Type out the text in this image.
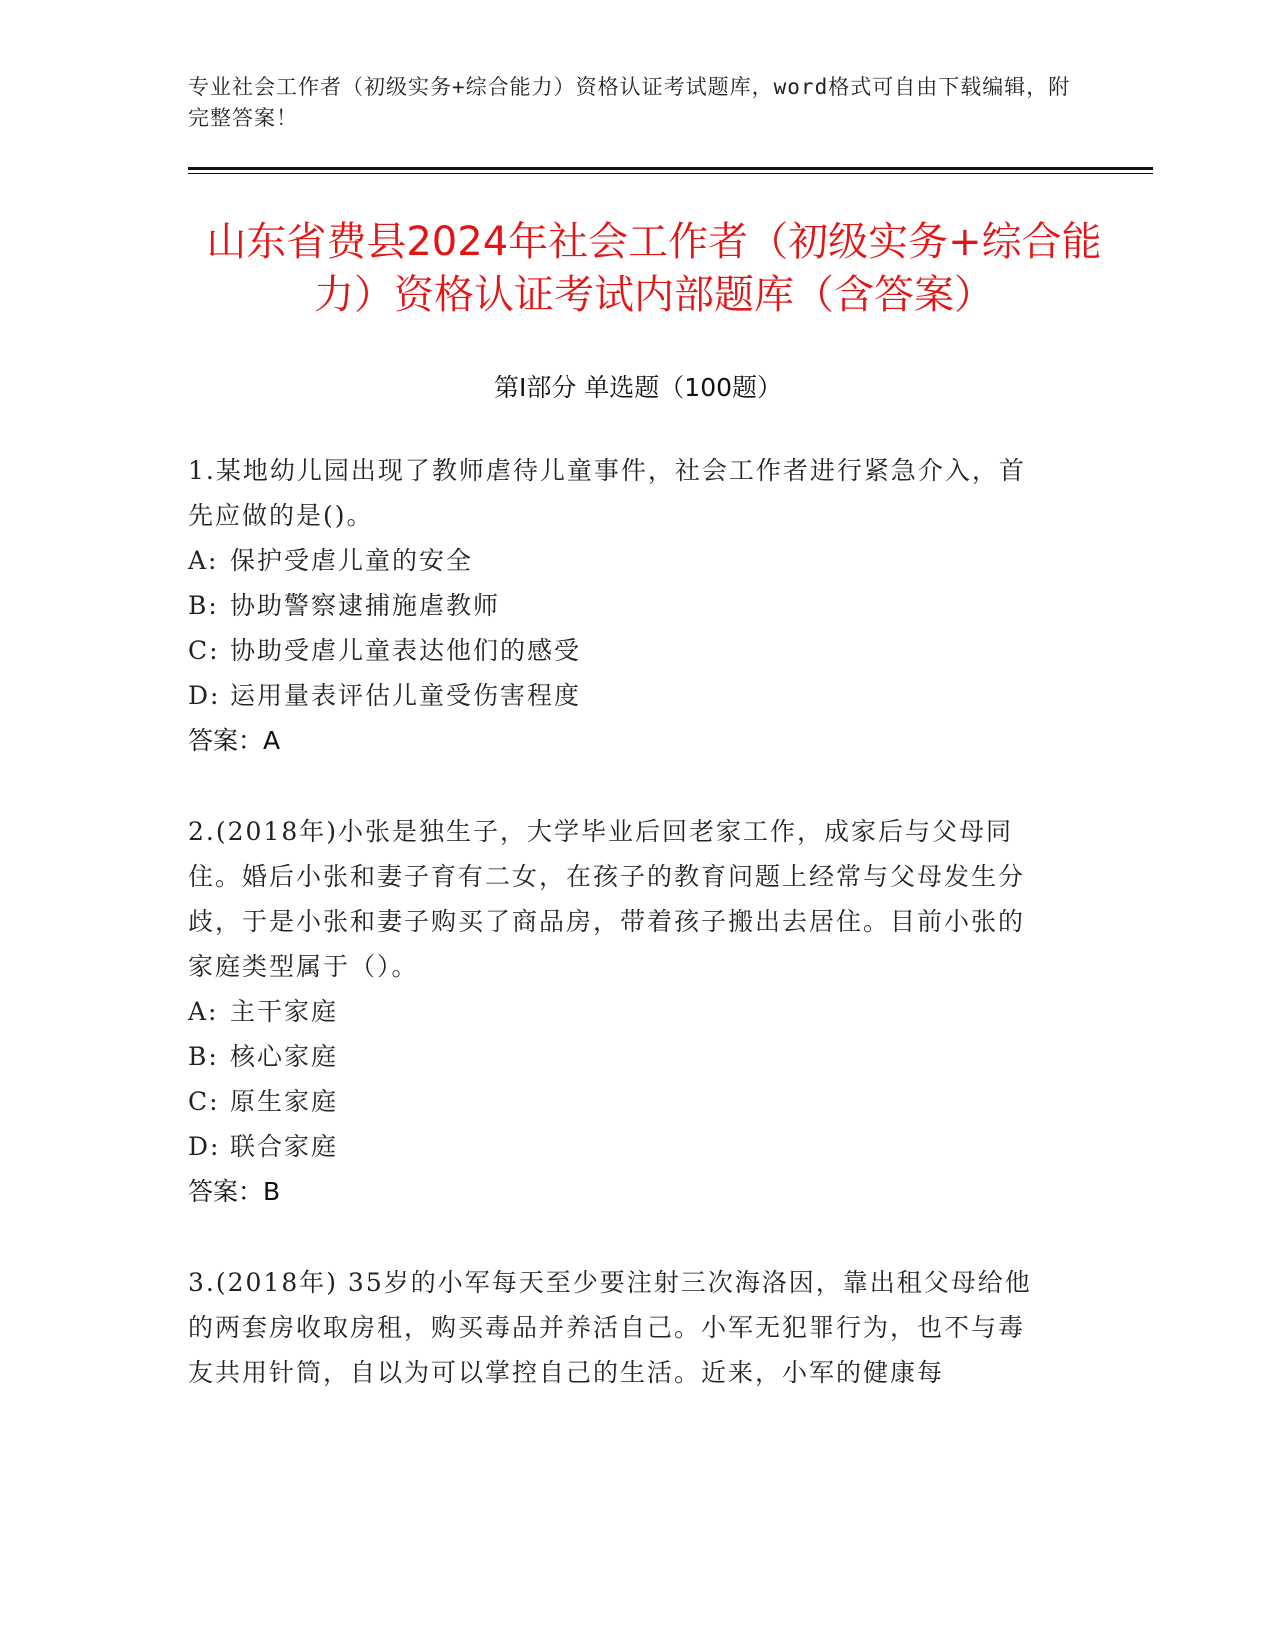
专业社会工作者（初级实务+综合能力）资格认证考试题库，word格式可自由下载编辑，附完整答案！
山东省费县2024年社会工作者（初级实务+综合能力）资格认证考试内部题库（含答案）
第I部分 单选题（100题）
1.某地幼儿园出现了教师虐待儿童事件，社会工作者进行紧急介入，首先应做的是()。
A: 保护受虐儿童的安全
B: 协助警察逮捕施虐教师
C: 协助受虐儿童表达他们的感受
D: 运用量表评估儿童受伤害程度
答案：A
2.(2018年)小张是独生子，大学毕业后回老家工作，成家后与父母同住。婚后小张和妻子育有二女，在孩子的教育问题上经常与父母发生分歧，于是小张和妻子购买了商品房，带着孩子搬出去居住。目前小张的家庭类型属于（）。
A: 主干家庭
B: 核心家庭
C: 原生家庭
D: 联合家庭
答案：B
3.(2018年) 35岁的小军每天至少要注射三次海洛因，靠出租父母给他的两套房收取房租，购买毒品并养活自己。小军无犯罪行为，也不与毒友共用针筒，自以为可以掌控自己的生活。近来，小军的健康每
